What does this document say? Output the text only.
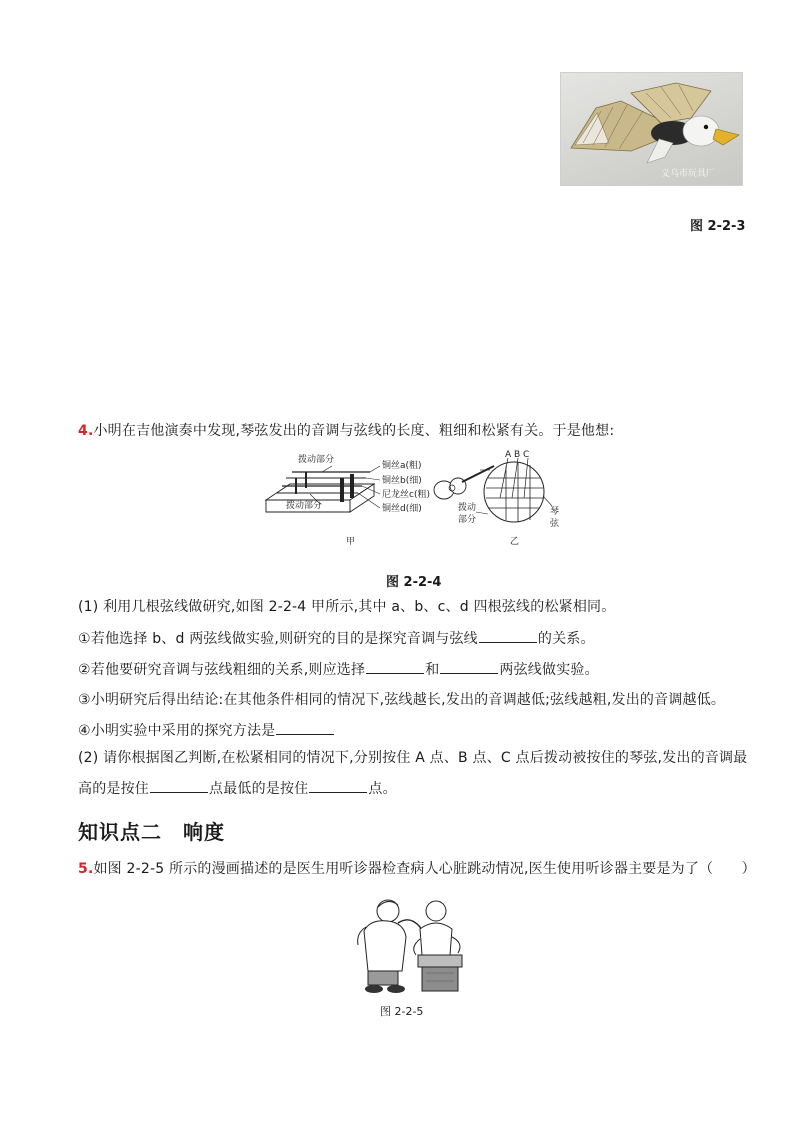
义乌市玩具厂
图 2-2-3
4.小明在吉他演奏中发现,琴弦发出的音调与弦线的长度、粗细和松紧有关。于是他想:
拨动部分
拨动部分
铜丝a(粗)
铜丝b(细)
尼龙丝c(粗)
铜丝d(细)
A B C
拨动
部分
琴
弦
甲	乙
图 2-2-4
(1) 利用几根弦线做研究,如图 2-2-4 甲所示,其中 a、b、c、d 四根弦线的松紧相同。
①若他选择 b、d 两弦线做实验,则研究的目的是探究音调与弦线	的关系。
②若他要研究音调与弦线粗细的关系,则应选择	和	两弦线做实验。
③小明研究后得出结论:在其他条件相同的情况下,弦线越长,发出的音调越低;弦线越粗,发出的音调越低。
④小明实验中采用的探究方法是
(2) 请你根据图乙判断,在松紧相同的情况下,分别按住 A 点、B 点、C 点后拨动被按住的琴弦,发出的音调最
高的是按住	点最低的是按住	点。
知识点二　响度
5.如图 2-2-5 所示的漫画描述的是医生用听诊器检查病人心脏跳动情况,医生使用听诊器主要是为了（　　）
图 2-2-5
